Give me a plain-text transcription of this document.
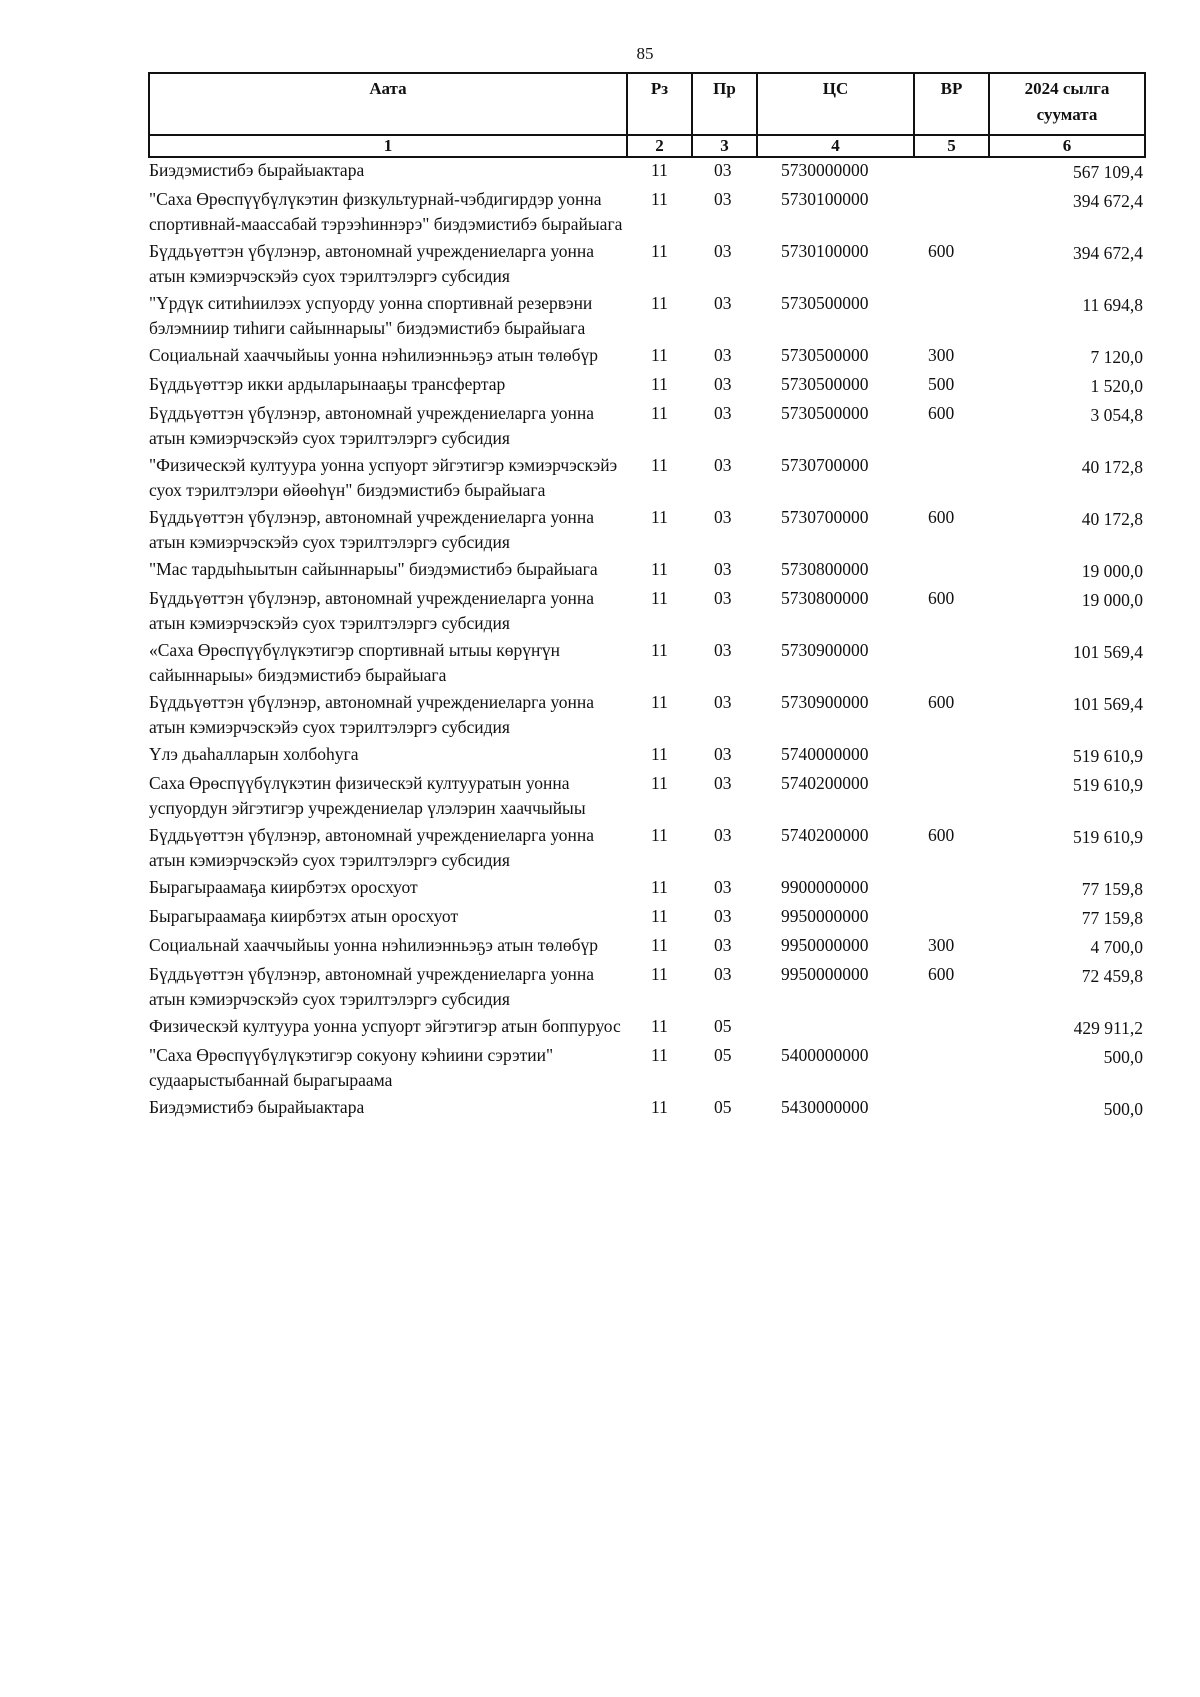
85
Аата	Рз	Пр	ЦС	ВР	2024 сылга суумата
1	2	3	4	5	6
Биэдэмистибэ бырайыактара	11	03	5730000000		567 109,4
"Саха Өрөспүүбүлүкэтин физкультурнай-чэбдигирдэр уонна спортивнай-маассабай тэрээһиннэрэ" биэдэмистибэ бырайыага	11	03	5730100000		394 672,4
Бүддьүөттэн үбүлэнэр, автономнай учреждениеларга уонна атын кэмиэрчэскэйэ суох тэрилтэлэргэ субсидия	11	03	5730100000	600	394 672,4
"Үрдүк ситиһиилээх успуорду уонна спортивнай резервэни бэлэмниир тиһиги сайыннарыы" биэдэмистибэ бырайыага	11	03	5730500000		11 694,8
Социальнай хааччыйыы уонна нэһилиэнньэҕэ атын төлөбүр	11	03	5730500000	300	7 120,0
Бүддьүөттэр икки ардыларынааҕы трансфертар	11	03	5730500000	500	1 520,0
Бүддьүөттэн үбүлэнэр, автономнай учреждениеларга уонна атын кэмиэрчэскэйэ суох тэрилтэлэргэ субсидия	11	03	5730500000	600	3 054,8
"Физическэй култуура уонна успуорт эйгэтигэр кэмиэрчэскэйэ суох тэрилтэлэри өйөөһүн" биэдэмистибэ бырайыага	11	03	5730700000		40 172,8
Бүддьүөттэн үбүлэнэр, автономнай учреждениеларга уонна атын кэмиэрчэскэйэ суох тэрилтэлэргэ субсидия	11	03	5730700000	600	40 172,8
"Мас тардыһыытын сайыннарыы" биэдэмистибэ бырайыага	11	03	5730800000		19 000,0
Бүддьүөттэн үбүлэнэр, автономнай учреждениеларга уонна атын кэмиэрчэскэйэ суох тэрилтэлэргэ субсидия	11	03	5730800000	600	19 000,0
«Саха Өрөспүүбүлүкэтигэр спортивнай ытыы көрүҥүн сайыннарыы» биэдэмистибэ бырайыага	11	03	5730900000		101 569,4
Бүддьүөттэн үбүлэнэр, автономнай учреждениеларга уонна атын кэмиэрчэскэйэ суох тэрилтэлэргэ субсидия	11	03	5730900000	600	101 569,4
Үлэ дьаһалларын холбоһуга	11	03	5740000000		519 610,9
Саха Өрөспүүбүлүкэтин физическэй култууратын уонна успуордун эйгэтигэр учреждениелар үлэлэрин хааччыйыы	11	03	5740200000		519 610,9
Бүддьүөттэн үбүлэнэр, автономнай учреждениеларга уонна атын кэмиэрчэскэйэ суох тэрилтэлэргэ субсидия	11	03	5740200000	600	519 610,9
Бырагыраамаҕа киирбэтэх оросхуот	11	03	9900000000		77 159,8
Бырагыраамаҕа киирбэтэх атын оросхуот	11	03	9950000000		77 159,8
Социальнай хааччыйыы уонна нэһилиэнньэҕэ атын төлөбүр	11	03	9950000000	300	4 700,0
Бүддьүөттэн үбүлэнэр, автономнай учреждениеларга уонна атын кэмиэрчэскэйэ суох тэрилтэлэргэ субсидия	11	03	9950000000	600	72 459,8
Физическэй култуура уонна успуорт эйгэтигэр атын боппуруос	11	05			429 911,2
"Саха Өрөспүүбүлүкэтигэр сокуону кэһиини сэрэтии" судаарыстыбаннай бырагыраама	11	05	5400000000		500,0
Биэдэмистибэ бырайыактара	11	05	5430000000		500,0
